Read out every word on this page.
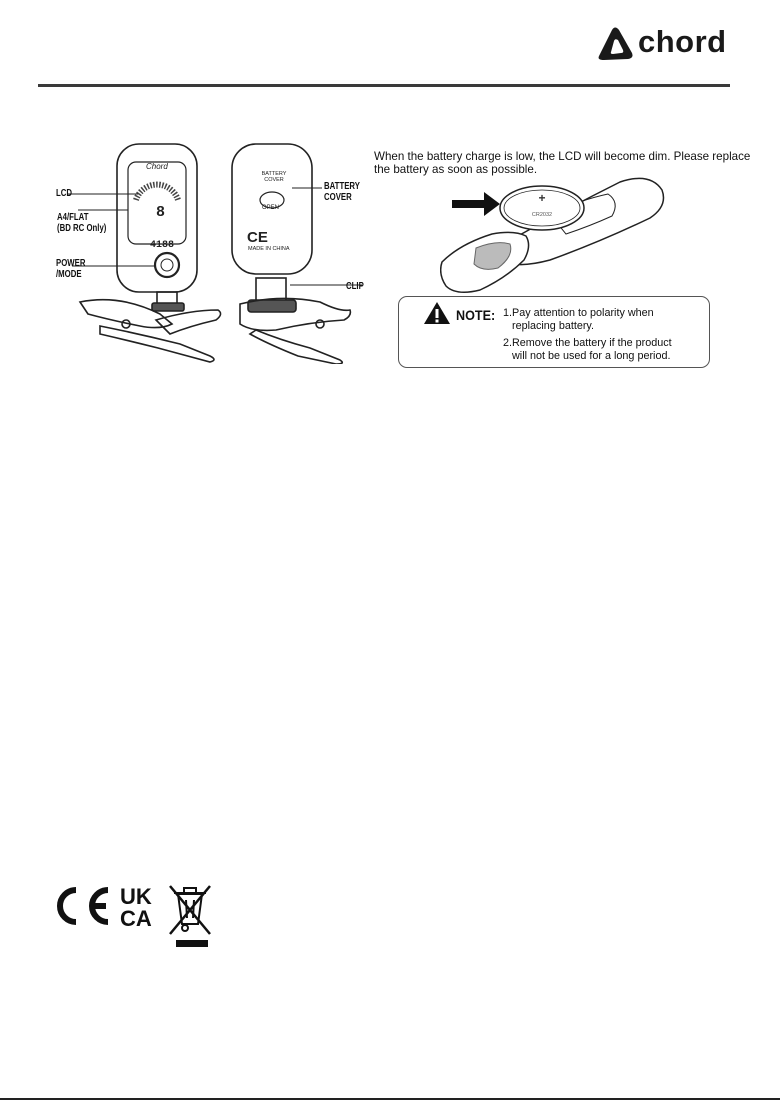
chord
Chord
8
4188
BATTERY COVER
OPEN
CE
MADE IN CHINA
LCD
A4/FLAT
(BD RC Only)
POWER
/MODE
BATTERY
COVER
CLIP
When the battery charge is low, the LCD will become dim. Please replace
the battery as soon as possible.
+
CR2032
NOTE: 1.Pay attention to polarity when
replacing battery.
2.Remove the battery if the product
will not be used for a long period.
UK
CA
